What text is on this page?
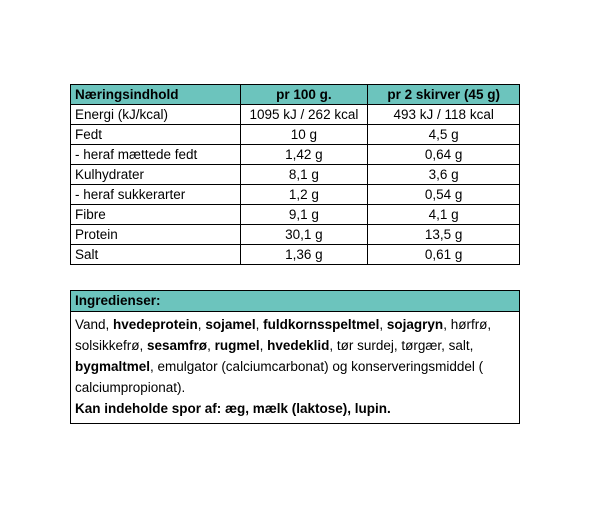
Næringsindhold	pr 100 g.	pr 2 skirver (45 g)
Energi (kJ/kcal)	1095 kJ / 262 kcal	493 kJ / 118 kcal
Fedt	10 g	4,5 g
- heraf mættede fedt	1,42 g	0,64 g
Kulhydrater	8,1 g	3,6 g
- heraf sukkerarter	1,2 g	0,54 g
Fibre	9,1 g	4,1 g
Protein	30,1 g	13,5 g
Salt	1,36 g	0,61 g
Ingredienser:
Vand, hvedeprotein, sojamel, fuldkornsspeltmel, sojagryn, hørfrø, solsikkefrø, sesamfrø, rugmel, hvedeklid, tør surdej, tørgær, salt, bygmaltmel, emulgator (calciumcarbonat) og konserveringsmiddel ( calciumpropionat).
Kan indeholde spor af: æg, mælk (laktose), lupin.
